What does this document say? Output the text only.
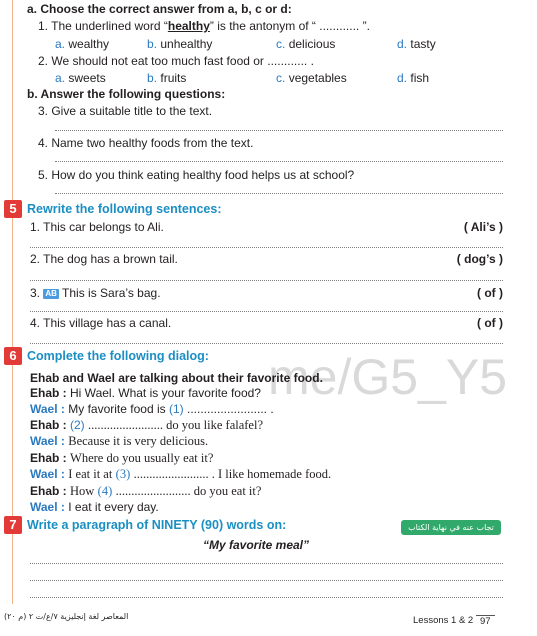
me/G5_Y5
a. Choose the correct answer from a, b, c or d:
1. The underlined word “healthy” is the antonym of “ ............ ”.
a. wealthy	b. unhealthy	c. delicious	d. tasty
2. We should not eat too much fast food or ............ .
a. sweets	b. fruits	c. vegetables	d. fish
b. Answer the following questions:
3. Give a suitable title to the text.
4. Name two healthy foods from the text.
5. How do you think eating healthy food helps us at school?
5 Rewrite the following sentences:
1. This car belongs to Ali.	( Ali’s )
2. The dog has a brown tail.	( dog’s )
3. AB This is Sara’s bag.	( of )
4. This village has a canal.	( of )
6 Complete the following dialog:
Ehab and Wael are talking about their favorite food.
Ehab : Hi Wael. What is your favorite food?
Wael : My favorite food is (1) ........................ .
Ehab : (2) ........................ do you like falafel?
Wael : Because it is very delicious.
Ehab : Where do you usually eat it?
Wael : I eat it at (3) ........................ . I like homemade food.
Ehab : How (4) ........................ do you eat it?
Wael : I eat it every day.
7 Write a paragraph of NINETY (90) words on:	تجاب عنه في نهاية الكتاب
“My favorite meal”
المعاصر لغة إنجليزية ٧/ع/ت ٢ (م ٢٠)	Lessons 1 & 2 97
